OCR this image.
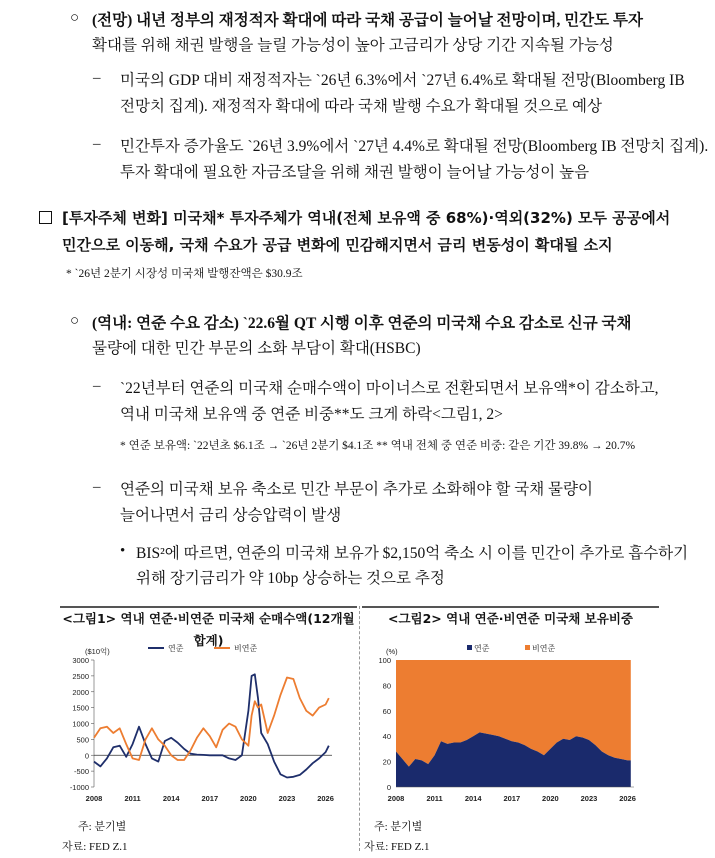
○ (전망) 내년 정부의 재정적자 확대에 따라 국채 공급이 늘어날 전망이며, 민간도 투자
확대를 위해 채권 발행을 늘릴 가능성이 높아 고금리가 상당 기간 지속될 가능성
– 미국의 GDP 대비 재정적자는 `26년 6.3%에서 `27년 6.4%로 확대될 전망(Bloomberg IB
전망치 집계). 재정적자 확대에 따라 국채 발행 수요가 확대될 것으로 예상
– 민간투자 증가율도 `26년 3.9%에서 `27년 4.4%로 확대될 전망(Bloomberg IB 전망치 집계).
투자 확대에 필요한 자금조달을 위해 채권 발행이 늘어날 가능성이 높음
[투자주체 변화] 미국채* 투자주체가 역내(전체 보유액 중 68%)·역외(32%) 모두 공공에서
민간으로 이동해, 국채 수요가 공급 변화에 민감해지면서 금리 변동성이 확대될 소지
* `26년 2분기 시장성 미국채 발행잔액은 $30.9조
○ (역내: 연준 수요 감소) `22.6월 QT 시행 이후 연준의 미국채 수요 감소로 신규 국채
물량에 대한 민간 부문의 소화 부담이 확대(HSBC)
– `22년부터 연준의 미국채 순매수액이 마이너스로 전환되면서 보유액*이 감소하고,
역내 미국채 보유액 중 연준 비중**도 크게 하락<그림1, 2>
* 연준 보유액: `22년초 $6.1조 → `26년 2분기 $4.1조 ** 역내 전체 중 연준 비중: 같은 기간 39.8% → 20.7%
– 연준의 미국채 보유 축소로 민간 부문이 추가로 소화해야 할 국채 물량이
늘어나면서 금리 상승압력이 발생
• BIS²에 따르면, 연준의 미국채 보유가 $2,150억 축소 시 이를 민간이 추가로 흡수하기
위해 장기금리가 약 10bp 상승하는 것으로 추정
<그림1> 역내 연준·비연준 미국채 순매수액(12개월 합계)
<그림2> 역내 연준·비연준 미국채 보유비중
($10억)	연준	비연준
-1000
-500
0
500
1000
1500
2000
2500
3000
2008	2011	2014	2017	2020	2023	2026
(%)	연준	비연준
0
20
40
60
80
100
2008	2011	2014	2017	2020	2023	2026
주: 분기별
자료: FED Z.1
주: 분기별
자료: FED Z.1
